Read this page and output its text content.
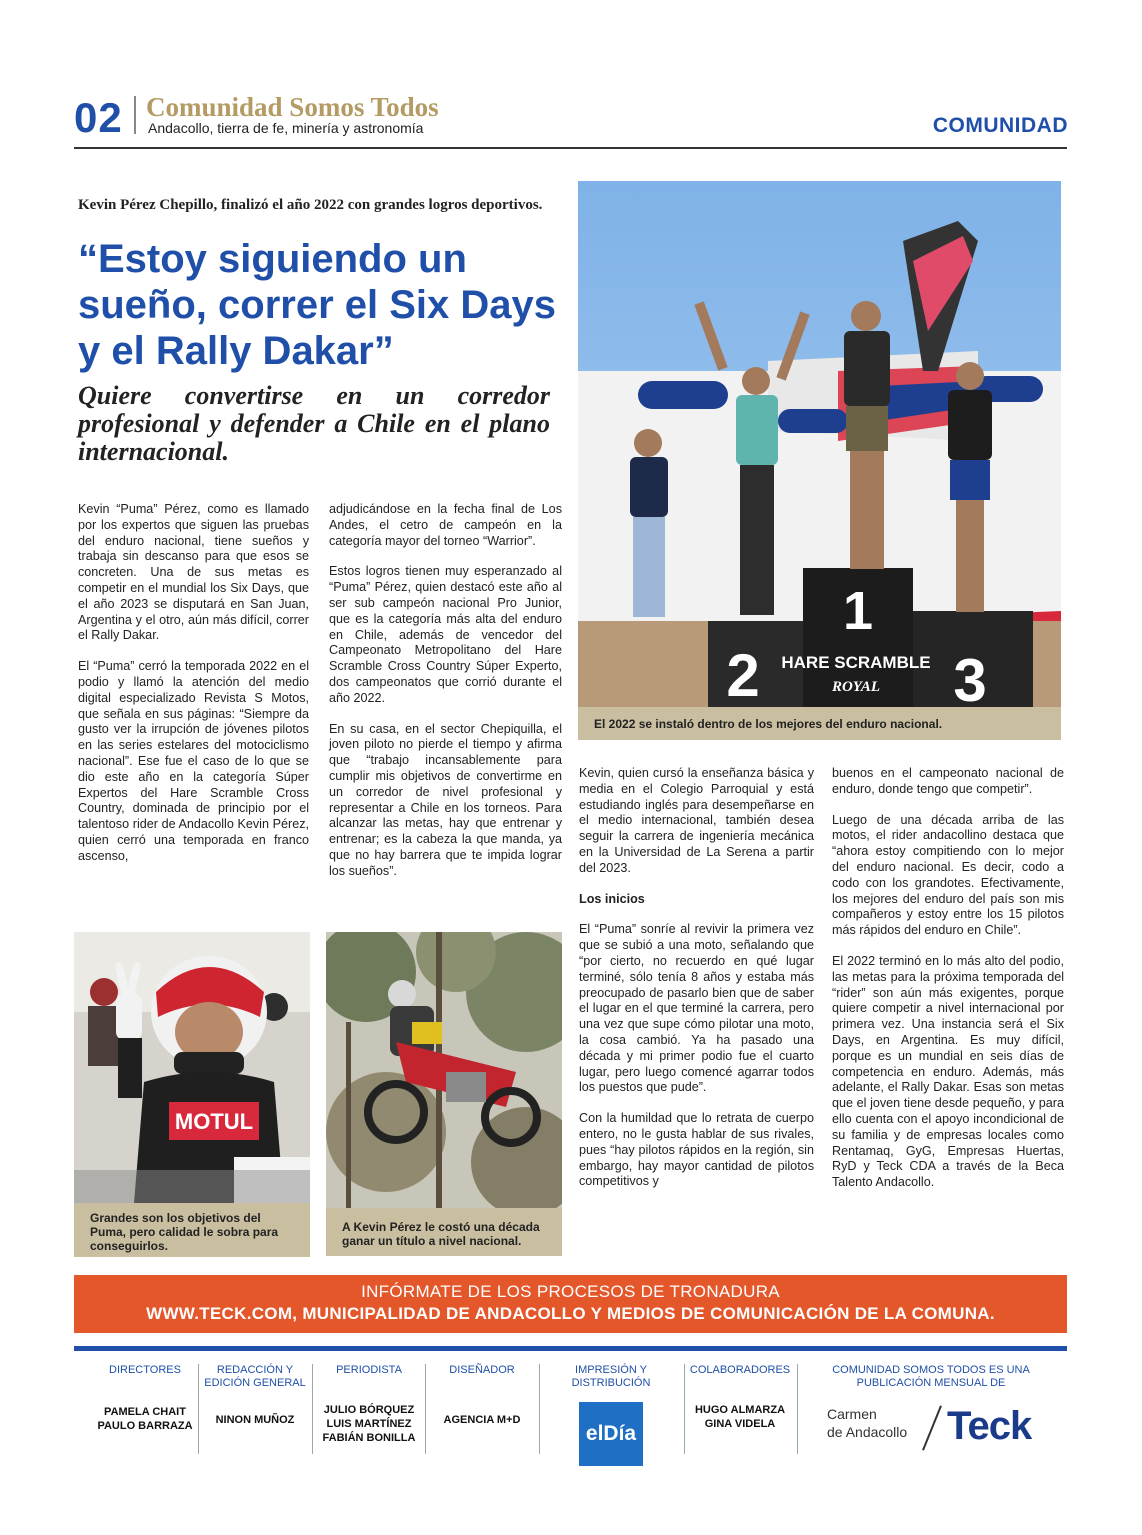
02 Comunidad Somos Todos
Andacollo, tierra de fe, minería y astronomía	COMUNIDAD
Kevin Pérez Chepillo, finalizó el año 2022 con grandes logros deportivos.
“Estoy siguiendo un sueño, correr el Six Days y el Rally Dakar”
Quiere convertirse en un corredor profesional y defender a Chile en el plano internacional.
1
2	3
HARE SCRAMBLE
ROYAL
El 2022 se instaló dentro de los mejores del enduro nacional.

Kevin “Puma” Pérez, como es llamado por los expertos que siguen las pruebas del enduro nacional, tiene sueños y trabaja sin descanso para que esos se concreten. Una de sus metas es competir en el mundial los Six Days, que el año 2023 se disputará en San Juan, Argentina y el otro, aún más difícil, correr el Rally Dakar.

El “Puma” cerró la temporada 2022 en el podio y llamó la atención del medio digital especializado Revista S Motos, que señala en sus páginas: “Siempre da gusto ver la irrupción de jóvenes pilotos en las series estelares del motociclismo nacional”. Ese fue el caso de lo que se dio este año en la categoría Súper Expertos del Hare Scramble Cross Country, dominada de principio por el talentoso rider de Andacollo Kevin Pérez, quien cerró una temporada en franco ascenso,

adjudicándose en la fecha final de Los Andes, el cetro de campeón en la categoría mayor del torneo “Warrior”.

Estos logros tienen muy esperanzado al “Puma” Pérez, quien destacó este año al ser sub campeón nacional Pro Junior, que es la categoría más alta del enduro en Chile, además de vencedor del Campeonato Metropolitano del Hare Scramble Cross Country Súper Experto, dos campeonatos que corrió durante el año 2022.

En su casa, en el sector Chepiquilla, el joven piloto no pierde el tiempo y afirma que “trabajo incansablemente para cumplir mis objetivos de convertirme en un corredor de nivel profesional y representar a Chile en los torneos. Para alcanzar las metas, hay que entrenar y entrenar; es la cabeza la que manda, ya que no hay barrera que te impida lograr los sueños”.

Kevin, quien cursó la enseñanza básica y media en el Colegio Parroquial y está estudiando inglés para desempeñarse en el medio internacional, también desea seguir la carrera de ingeniería mecánica en la Universidad de La Serena a partir del 2023.

Los inicios

El “Puma” sonríe al revivir la primera vez que se subió a una moto, señalando que “por cierto, no recuerdo en qué lugar terminé, sólo tenía 8 años y estaba más preocupado de pasarlo bien que de saber el lugar en el que terminé la carrera, pero una vez que supe cómo pilotar una moto, la cosa cambió. Ya ha pasado una década y mi primer podio fue el cuarto lugar, pero luego comencé agarrar todos los puestos que pude”.

Con la humildad que lo retrata de cuerpo entero, no le gusta hablar de sus rivales, pues “hay pilotos rápidos en la región, sin embargo, hay mayor cantidad de pilotos competitivos y

buenos en el campeonato nacional de enduro, donde tengo que competir”.

Luego de una década arriba de las motos, el rider andacollino destaca que “ahora estoy compitiendo con lo mejor del enduro nacional. Es decir, codo a codo con los grandotes. Efectivamente, los mejores del enduro del país son mis compañeros y estoy entre los 15 pilotos más rápidos del enduro en Chile”.

El 2022 terminó en lo más alto del podio, las metas para la próxima temporada del “rider” son aún más exigentes, porque quiere competir a nivel internacional por primera vez. Una instancia será el Six Days, en Argentina. Es muy difícil, porque es un mundial en seis días de competencia en enduro. Además, más adelante, el Rally Dakar. Esas son metas que el joven tiene desde pequeño, y para ello cuenta con el apoyo incondicional de su familia y de empresas locales como Rentamaq, GyG, Empresas Huertas, RyD y Teck CDA a través de la Beca Talento Andacollo.

MOTUL
Grandes son los objetivos del Puma, pero calidad le sobra para conseguirlos.
A Kevin Pérez le costó una década ganar un título a nivel nacional.
INFÓRMATE DE LOS PROCESOS DE TRONADURA
WWW.TECK.COM, MUNICIPALIDAD DE ANDACOLLO Y MEDIOS DE COMUNICACIÓN DE LA COMUNA.
DIRECTORES
PAMELA CHAIT
PAULO BARRAZA
REDACCIÓN Y EDICIÓN GENERAL
NINON MUÑOZ
PERIODISTA
JULIO BÓRQUEZ
LUIS MARTÍNEZ
FABIÁN BONILLA
DISEÑADOR
AGENCIA M+D
IMPRESIÓN Y DISTRIBUCIÓN
elDía
COLABORADORES
HUGO ALMARZA
GINA VIDELA
COMUNIDAD SOMOS TODOS ES UNA PUBLICACIÓN MENSUAL DE
Carmen
de Andacollo Teck
